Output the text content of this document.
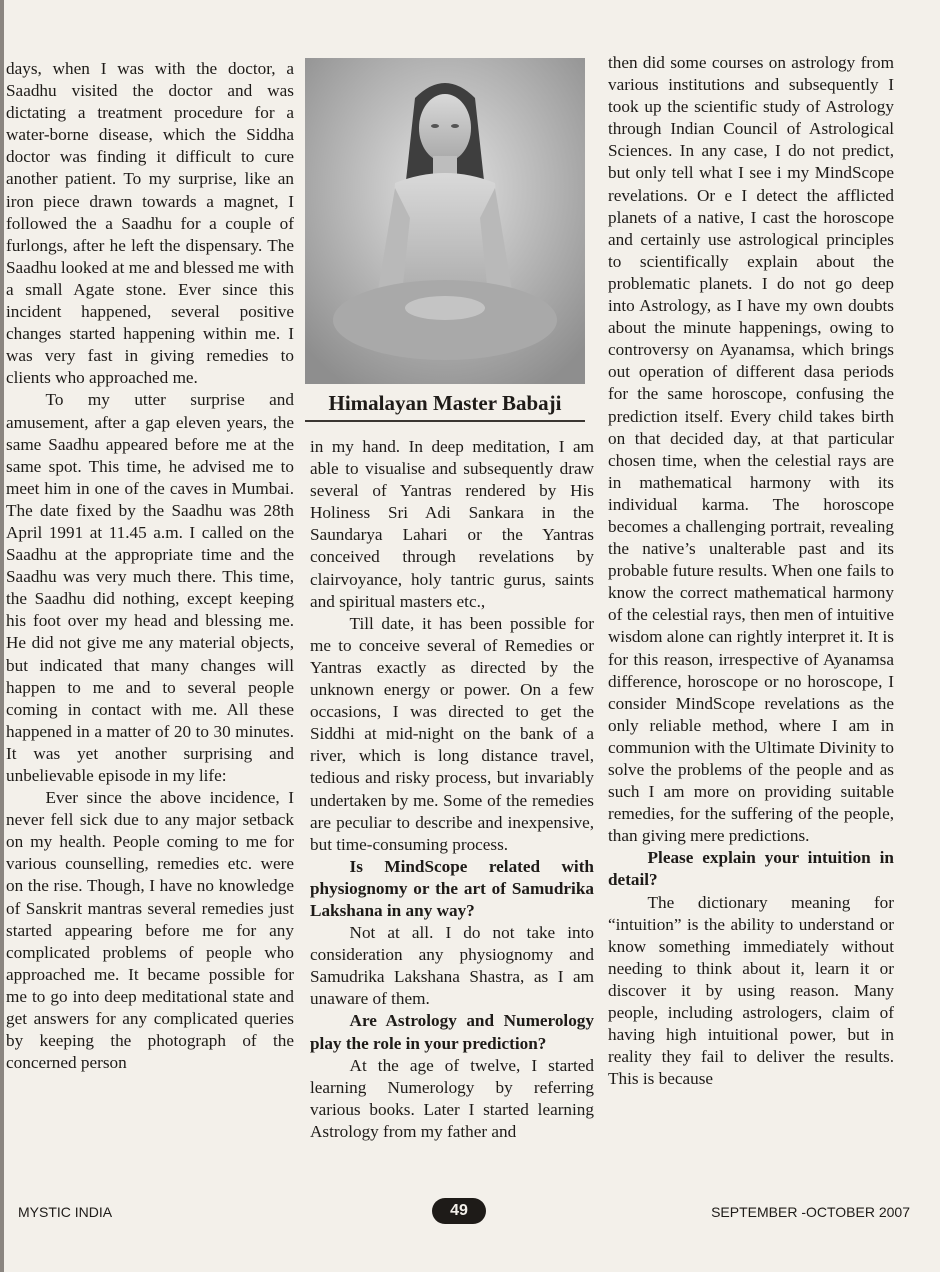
days, when I was with the doctor, a Saadhu visited the doctor and was dictating a treatment procedure for a water-borne disease, which the Siddha doctor was finding it difficult to cure another patient. To my surprise, like an iron piece drawn towards a magnet, I followed the a Saadhu for a couple of furlongs, after he left the dispensary. The Saadhu looked at me and blessed me with a small Agate stone. Ever since this incident happened, several positive changes started happening within me. I was very fast in giving remedies to clients who approached me.

To my utter surprise and amusement, after a gap eleven years, the same Saadhu appeared before me at the same spot. This time, he advised me to meet him in one of the caves in Mumbai. The date fixed by the Saadhu was 28th April 1991 at 11.45 a.m. I called on the Saadhu at the appropriate time and the Saadhu was very much there. This time, the Saadhu did nothing, except keeping his foot over my head and blessing me. He did not give me any material objects, but indicated that many changes will happen to me and to several people coming in contact with me. All these happened in a matter of 20 to 30 minutes. It was yet another surprising and unbelievable episode in my life:

Ever since the above incidence, I never fell sick due to any major setback on my health. People coming to me for various counselling, remedies etc. were on the rise. Though, I have no knowledge of Sanskrit mantras several remedies just started appearing before me for any complicated problems of people who approached me. It became possible for me to go into deep meditational state and get answers for any complicated queries by keeping the photograph of the concerned person

Himalayan Master Babaji

in my hand. In deep meditation, I am able to visualise and subsequently draw several of Yantras rendered by His Holiness Sri Adi Sankara in the Saundarya Lahari or the Yantras conceived through revelations by clairvoyance, holy tantric gurus, saints and spiritual masters etc.,

Till date, it has been possible for me to conceive several of Remedies or Yantras exactly as directed by the unknown energy or power. On a few occasions, I was directed to get the Siddhi at mid-night on the bank of a river, which is long distance travel, tedious and risky process, but invariably undertaken by me. Some of the remedies are peculiar to describe and inexpensive, but time-consuming process.

Is MindScope related with physiognomy or the art of Samudrika Lakshana in any way?

Not at all. I do not take into consideration any physiognomy and Samudrika Lakshana Shastra, as I am unaware of them.

Are Astrology and Numerology play the role in your prediction?

At the age of twelve, I started learning Numerology by referring various books. Later I started learning Astrology from my father and

then did some courses on astrology from various institutions and subsequently I took up the scientific study of Astrology through Indian Council of Astrological Sciences. In any case, I do not predict, but only tell what I see i my MindScope revelations. Or e I detect the afflicted planets of a native, I cast the horoscope and certainly use astrological principles to scientifically explain about the problematic planets. I do not go deep into Astrology, as I have my own doubts about the minute happenings, owing to controversy on Ayanamsa, which brings out operation of different dasa periods for the same horoscope, confusing the prediction itself. Every child takes birth on that decided day, at that particular chosen time, when the celestial rays are in mathematical harmony with its individual karma. The horoscope becomes a challenging portrait, revealing the native’s unalterable past and its probable future results. When one fails to know the correct mathematical harmony of the celestial rays, then men of intuitive wisdom alone can rightly interpret it. It is for this reason, irrespective of Ayanamsa difference, horoscope or no horoscope, I consider MindScope revelations as the only reliable method, where I am in communion with the Ultimate Divinity to solve the problems of the people and as such I am more on providing suitable remedies, for the suffering of the people, than giving mere predictions.

Please explain your intuition in detail?

The dictionary meaning for “intuition” is the ability to understand or know something immediately without needing to think about it, learn it or discover it by using reason. Many people, including astrologers, claim of having high intuitional power, but in reality they fail to deliver the results. This is because

MYSTIC INDIA	49	SEPTEMBER -OCTOBER 2007
